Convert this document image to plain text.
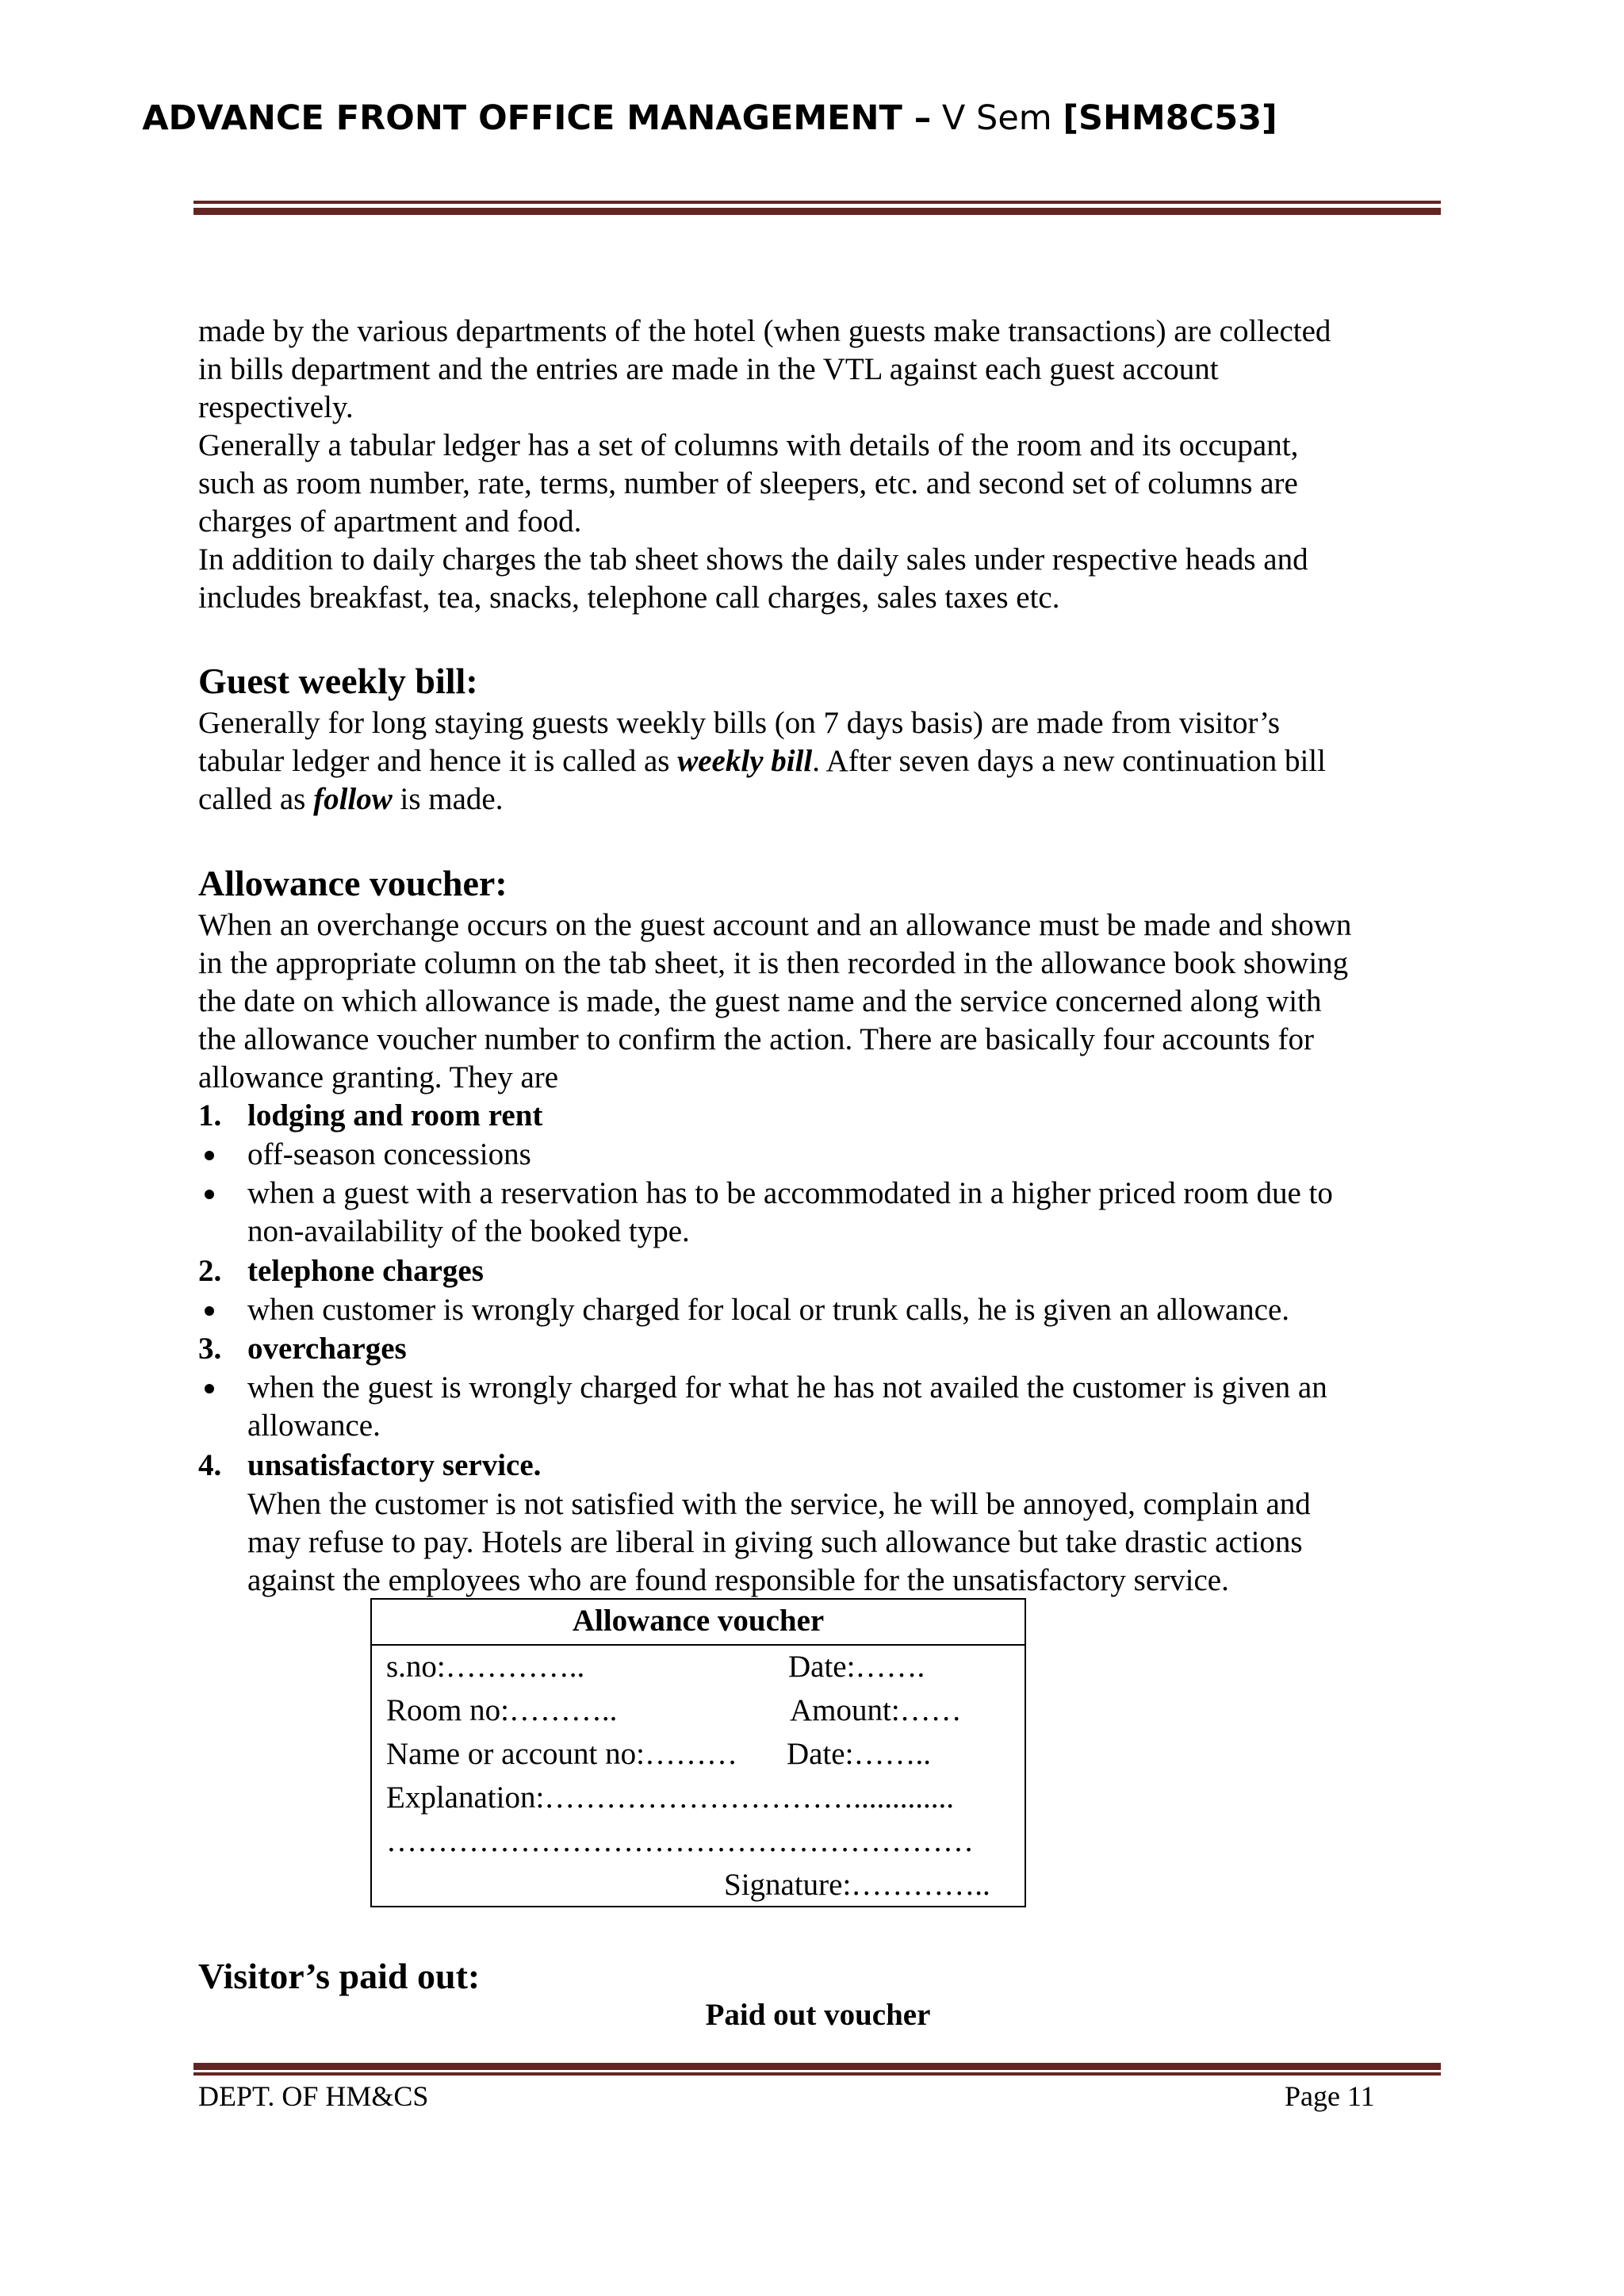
ADVANCE FRONT OFFICE MANAGEMENT – V Sem [SHM8C53]
made by the various departments of the hotel (when guests make transactions) are collected
in bills department and the entries are made in the VTL against each guest account
respectively.
Generally a tabular ledger has a set of columns with details of the room and its occupant,
such as room number, rate, terms, number of sleepers, etc. and second set of columns are
charges of apartment and food.
In addition to daily charges the tab sheet shows the daily sales under respective heads and
includes breakfast, tea, snacks, telephone call charges, sales taxes etc.
Guest weekly bill:
Generally for long staying guests weekly bills (on 7 days basis) are made from visitor’s
tabular ledger and hence it is called as weekly bill. After seven days a new continuation bill
called as follow is made.
Allowance voucher:
When an overchange occurs on the guest account and an allowance must be made and shown
in the appropriate column on the tab sheet, it is then recorded in the allowance book showing
the date on which allowance is made, the guest name and the service concerned along with
the allowance voucher number to confirm the action. There are basically four accounts for
allowance granting. They are
1. lodging and room rent
off-season concessions
when a guest with a reservation has to be accommodated in a higher priced room due to
non-availability of the booked type.
2. telephone charges
when customer is wrongly charged for local or trunk calls, he is given an allowance.
3. overcharges
when the guest is wrongly charged for what he has not availed the customer is given an
allowance.
4. unsatisfactory service.
When the customer is not satisfied with the service, he will be annoyed, complain and
may refuse to pay. Hotels are liberal in giving such allowance but take drastic actions
against the employees who are found responsible for the unsatisfactory service.
Allowance voucher
s.no:…………..	Date:…….
Room no:………..	Amount:……
Name or account no:……… Date:……..
Explanation:………………………….............
…………………………………………………
Signature:…………..
Visitor’s paid out:
Paid out voucher
DEPT. OF HM&CS	Page 11
